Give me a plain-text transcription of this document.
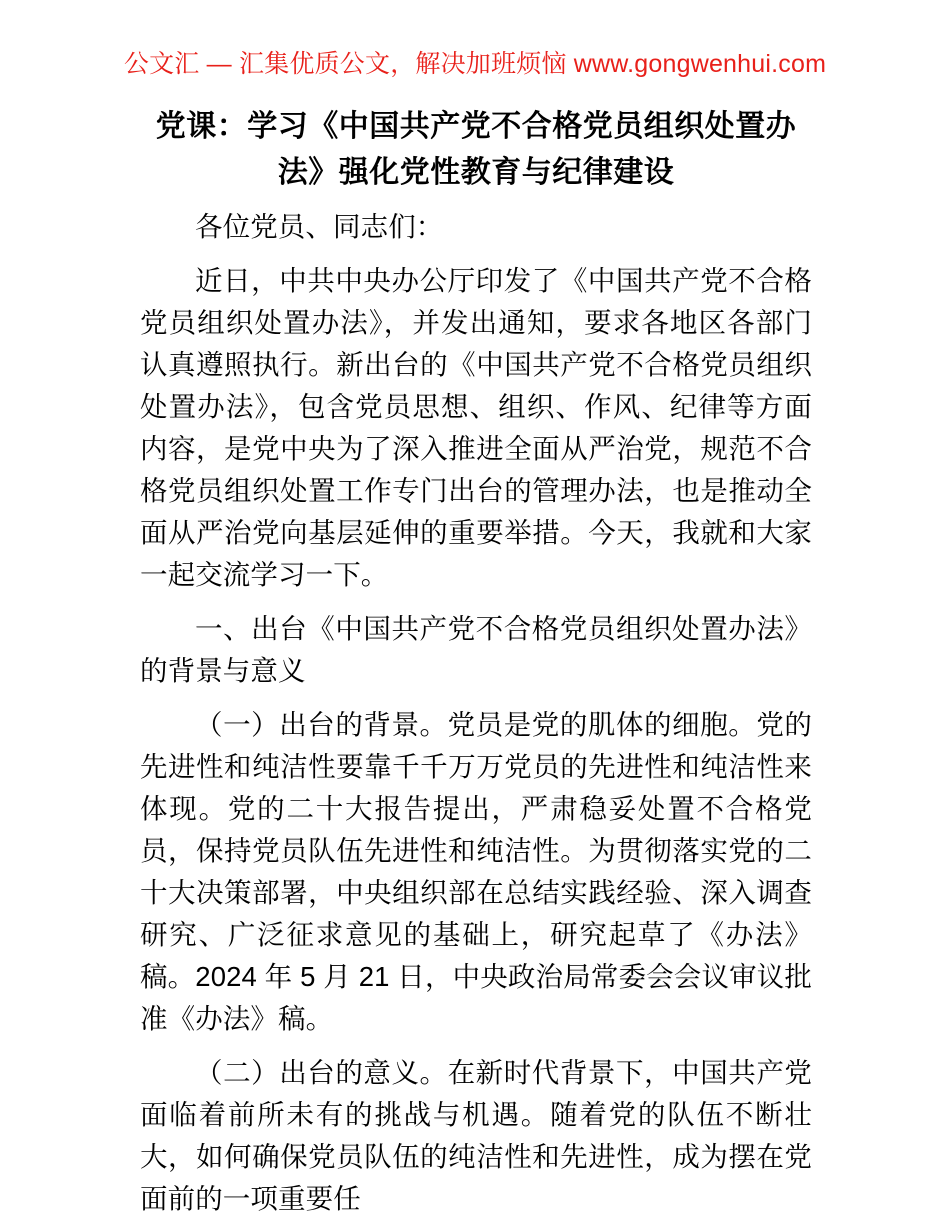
公文汇 — 汇集优质公文，解决加班烦恼 www.gongwenhui.com
党课：学习《中国共产党不合格党员组织处置办法》强化党性教育与纪律建设

各位党员、同志们：

近日，中共中央办公厅印发了《中国共产党不合格党员组织处置办法》，并发出通知，要求各地区各部门认真遵照执行。新出台的《中国共产党不合格党员组织处置办法》，包含党员思想、组织、作风、纪律等方面内容，是党中央为了深入推进全面从严治党，规范不合格党员组织处置工作专门出台的管理办法，也是推动全面从严治党向基层延伸的重要举措。今天，我就和大家一起交流学习一下。

一、出台《中国共产党不合格党员组织处置办法》的背景与意义

（一）出台的背景。党员是党的肌体的细胞。党的先进性和纯洁性要靠千千万万党员的先进性和纯洁性来体现。党的二十大报告提出，严肃稳妥处置不合格党员，保持党员队伍先进性和纯洁性。为贯彻落实党的二十大决策部署，中央组织部在总结实践经验、深入调查研究、广泛征求意见的基础上，研究起草了《办法》稿。2024 年 5 月 21 日，中央政治局常委会会议审议批准《办法》稿。

（二）出台的意义。在新时代背景下，中国共产党面临着前所未有的挑战与机遇。随着党的队伍不断壮大，如何确保党员队伍的纯洁性和先进性，成为摆在党面前的一项重要任
